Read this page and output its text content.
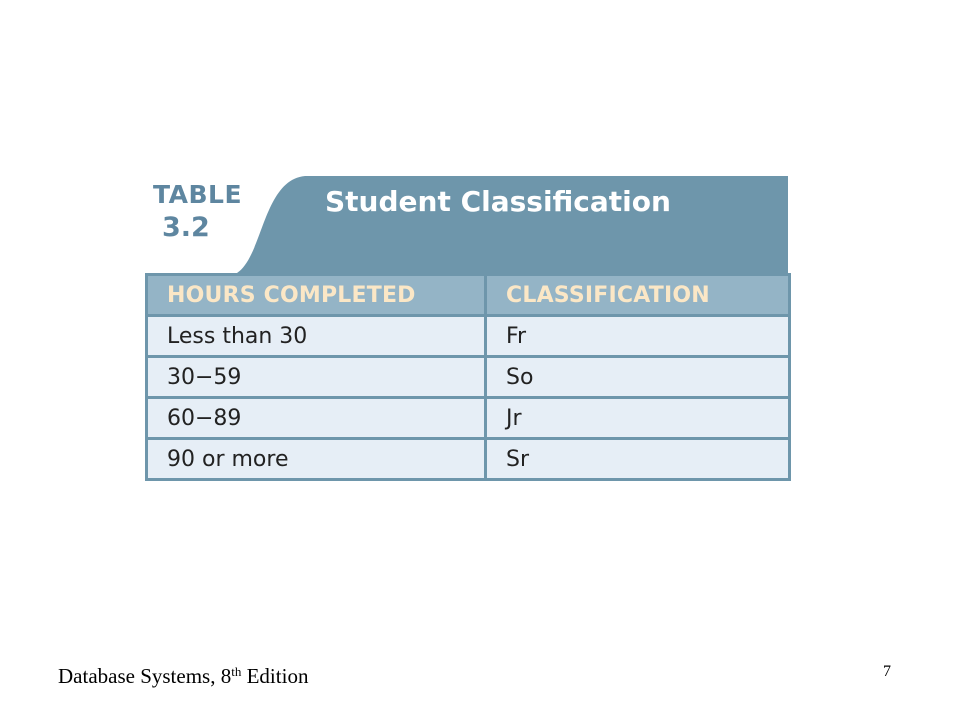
TABLE
3.2
Student Classification
HOURS COMPLETED	CLASSIFICATION
Less than 30	Fr
30−59	So
60−89	Jr
90 or more	Sr
Database Systems, 8th Edition	7
